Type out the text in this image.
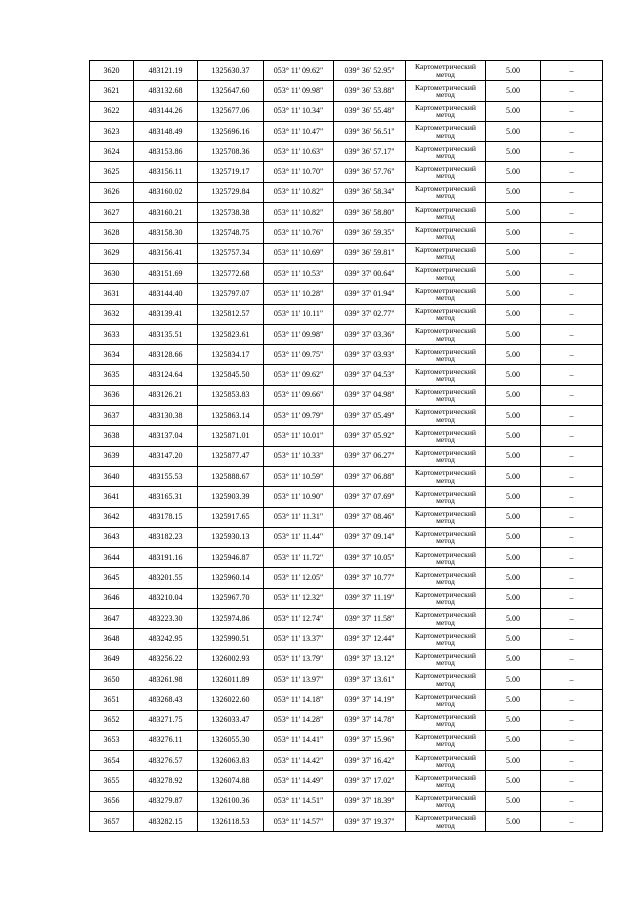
3620	483121.19	1325630.37	053° 11' 09.62"	039° 36' 52.95"	Картометрический метод	5.00	–
3621	483132.68	1325647.60	053° 11' 09.98"	039° 36' 53.88"	Картометрический метод	5.00	–
3622	483144.26	1325677.06	053° 11' 10.34"	039° 36' 55.48"	Картометрический метод	5.00	–
3623	483148.49	1325696.16	053° 11' 10.47"	039° 36' 56.51"	Картометрический метод	5.00	–
3624	483153.86	1325708.36	053° 11' 10.63"	039° 36' 57.17"	Картометрический метод	5.00	–
3625	483156.11	1325719.17	053° 11' 10.70"	039° 36' 57.76"	Картометрический метод	5.00	–
3626	483160.02	1325729.84	053° 11' 10.82"	039° 36' 58.34"	Картометрический метод	5.00	–
3627	483160.21	1325738.38	053° 11' 10.82"	039° 36' 58.80"	Картометрический метод	5.00	–
3628	483158.30	1325748.75	053° 11' 10.76"	039° 36' 59.35"	Картометрический метод	5.00	–
3629	483156.41	1325757.34	053° 11' 10.69"	039° 36' 59.81"	Картометрический метод	5.00	–
3630	483151.69	1325772.68	053° 11' 10.53"	039° 37' 00.64"	Картометрический метод	5.00	–
3631	483144.40	1325797.07	053° 11' 10.28"	039° 37' 01.94"	Картометрический метод	5.00	–
3632	483139.41	1325812.57	053° 11' 10.11"	039° 37' 02.77"	Картометрический метод	5.00	–
3633	483135.51	1325823.61	053° 11' 09.98"	039° 37' 03.36"	Картометрический метод	5.00	–
3634	483128.66	1325834.17	053° 11' 09.75"	039° 37' 03.93"	Картометрический метод	5.00	–
3635	483124.64	1325845.50	053° 11' 09.62"	039° 37' 04.53"	Картометрический метод	5.00	–
3636	483126.21	1325853.83	053° 11' 09.66"	039° 37' 04.98"	Картометрический метод	5.00	–
3637	483130.38	1325863.14	053° 11' 09.79"	039° 37' 05.49"	Картометрический метод	5.00	–
3638	483137.04	1325871.01	053° 11' 10.01"	039° 37' 05.92"	Картометрический метод	5.00	–
3639	483147.20	1325877.47	053° 11' 10.33"	039° 37' 06.27"	Картометрический метод	5.00	–
3640	483155.53	1325888.67	053° 11' 10.59"	039° 37' 06.88"	Картометрический метод	5.00	–
3641	483165.31	1325903.39	053° 11' 10.90"	039° 37' 07.69"	Картометрический метод	5.00	–
3642	483178.15	1325917.65	053° 11' 11.31"	039° 37' 08.46"	Картометрический метод	5.00	–
3643	483182.23	1325930.13	053° 11' 11.44"	039° 37' 09.14"	Картометрический метод	5.00	–
3644	483191.16	1325946.87	053° 11' 11.72"	039° 37' 10.05"	Картометрический метод	5.00	–
3645	483201.55	1325960.14	053° 11' 12.05"	039° 37' 10.77"	Картометрический метод	5.00	–
3646	483210.04	1325967.70	053° 11' 12.32"	039° 37' 11.19"	Картометрический метод	5.00	–
3647	483223.30	1325974.86	053° 11' 12.74"	039° 37' 11.58"	Картометрический метод	5.00	–
3648	483242.95	1325990.51	053° 11' 13.37"	039° 37' 12.44"	Картометрический метод	5.00	–
3649	483256.22	1326002.93	053° 11' 13.79"	039° 37' 13.12"	Картометрический метод	5.00	–
3650	483261.98	1326011.89	053° 11' 13.97"	039° 37' 13.61"	Картометрический метод	5.00	–
3651	483268.43	1326022.60	053° 11' 14.18"	039° 37' 14.19"	Картометрический метод	5.00	–
3652	483271.75	1326033.47	053° 11' 14.28"	039° 37' 14.78"	Картометрический метод	5.00	–
3653	483276.11	1326055.30	053° 11' 14.41"	039° 37' 15.96"	Картометрический метод	5.00	–
3654	483276.57	1326063.83	053° 11' 14.42"	039° 37' 16.42"	Картометрический метод	5.00	–
3655	483278.92	1326074.88	053° 11' 14.49"	039° 37' 17.02"	Картометрический метод	5.00	–
3656	483279.87	1326100.36	053° 11' 14.51"	039° 37' 18.39"	Картометрический метод	5.00	–
3657	483282.15	1326118.53	053° 11' 14.57"	039° 37' 19.37"	Картометрический метод	5.00	–
